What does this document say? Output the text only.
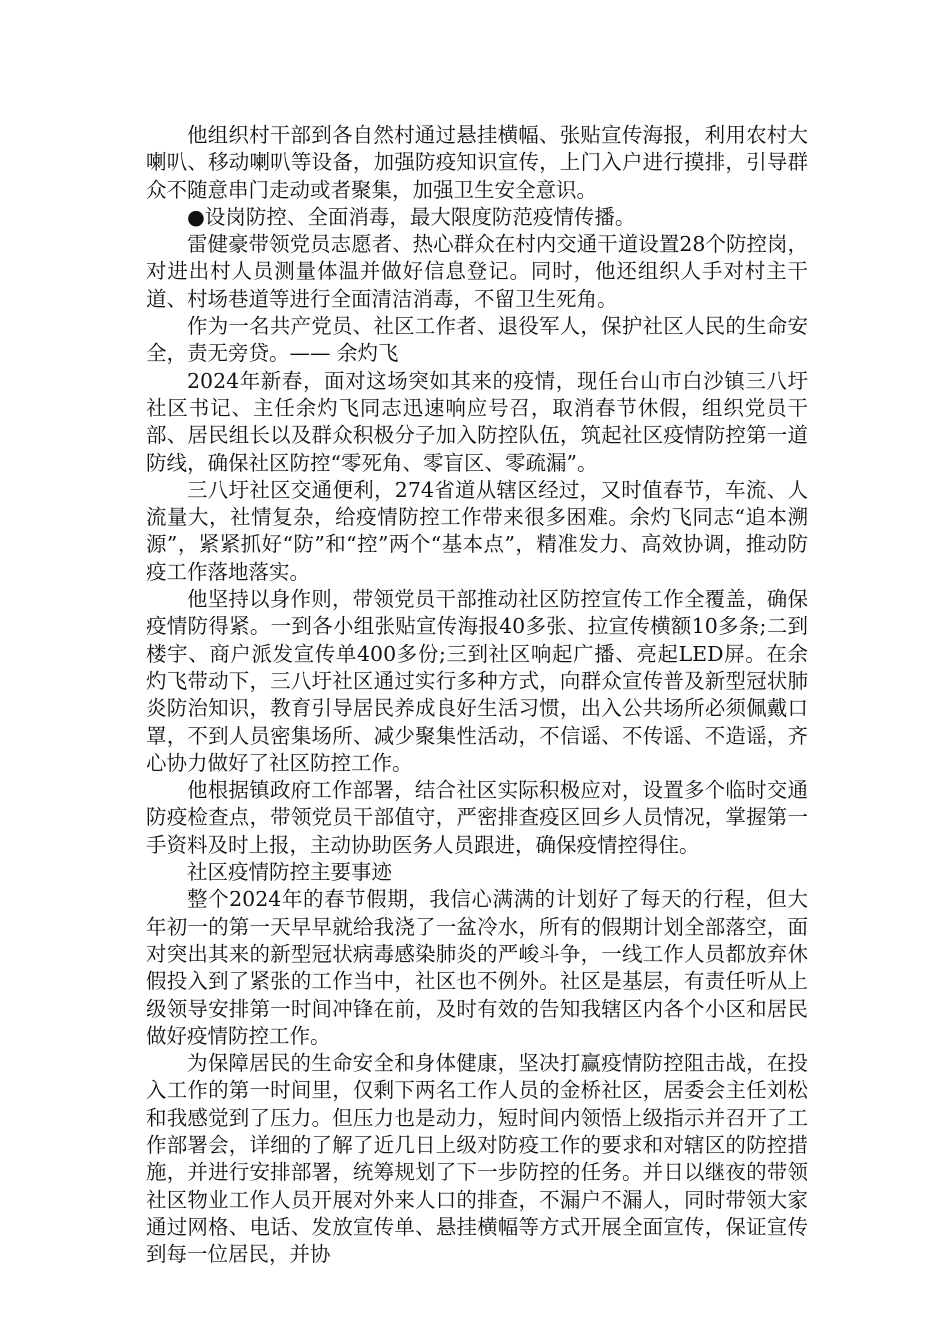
他组织村干部到各自然村通过悬挂横幅、张贴宣传海报，利用农村大喇叭、移动喇叭等设备，加强防疫知识宣传，上门入户进行摸排，引导群众不随意串门走动或者聚集，加强卫生安全意识。

●设岗防控、全面消毒，最大限度防范疫情传播。

雷健豪带领党员志愿者、热心群众在村内交通干道设置28个防控岗，对进出村人员测量体温并做好信息登记。同时，他还组织人手对村主干道、村场巷道等进行全面清洁消毒，不留卫生死角。

作为一名共产党员、社区工作者、退役军人，保护社区人民的生命安全，责无旁贷。—— 余灼飞

2024年新春，面对这场突如其来的疫情，现任台山市白沙镇三八圩社区书记、主任余灼飞同志迅速响应号召，取消春节休假，组织党员干部、居民组长以及群众积极分子加入防控队伍，筑起社区疫情防控第一道防线，确保社区防控“零死角、零盲区、零疏漏”。

三八圩社区交通便利，274省道从辖区经过，又时值春节，车流、人流量大，社情复杂，给疫情防控工作带来很多困难。余灼飞同志“追本溯源”，紧紧抓好“防”和“控”两个“基本点”，精准发力、高效协调，推动防疫工作落地落实。

他坚持以身作则，带领党员干部推动社区防控宣传工作全覆盖，确保疫情防得紧。一到各小组张贴宣传海报40多张、拉宣传横额10多条;二到楼宇、商户派发宣传单400多份;三到社区响起广播、亮起LED屏。在余灼飞带动下，三八圩社区通过实行多种方式，向群众宣传普及新型冠状肺炎防治知识，教育引导居民养成良好生活习惯，出入公共场所必须佩戴口罩，不到人员密集场所、减少聚集性活动，不信谣、不传谣、不造谣，齐心协力做好了社区防控工作。

他根据镇政府工作部署，结合社区实际积极应对，设置多个临时交通防疫检查点，带领党员干部值守，严密排查疫区回乡人员情况，掌握第一手资料及时上报，主动协助医务人员跟进，确保疫情控得住。

社区疫情防控主要事迹

整个2024年的春节假期，我信心满满的计划好了每天的行程，但大年初一的第一天早早就给我浇了一盆冷水，所有的假期计划全部落空，面对突出其来的新型冠状病毒感染肺炎的严峻斗争，一线工作人员都放弃休假投入到了紧张的工作当中，社区也不例外。社区是基层，有责任听从上级领导安排第一时间冲锋在前，及时有效的告知我辖区内各个小区和居民做好疫情防控工作。

为保障居民的生命安全和身体健康，坚决打赢疫情防控阻击战，在投入工作的第一时间里，仅剩下两名工作人员的金桥社区，居委会主任刘松和我感觉到了压力。但压力也是动力，短时间内领悟上级指示并召开了工作部署会，详细的了解了近几日上级对防疫工作的要求和对辖区的防控措施，并进行安排部署，统筹规划了下一步防控的任务。并日以继夜的带领社区物业工作人员开展对外来人口的排查，不漏户不漏人，同时带领大家通过网格、电话、发放宣传单、悬挂横幅等方式开展全面宣传，保证宣传到每一位居民，并协
